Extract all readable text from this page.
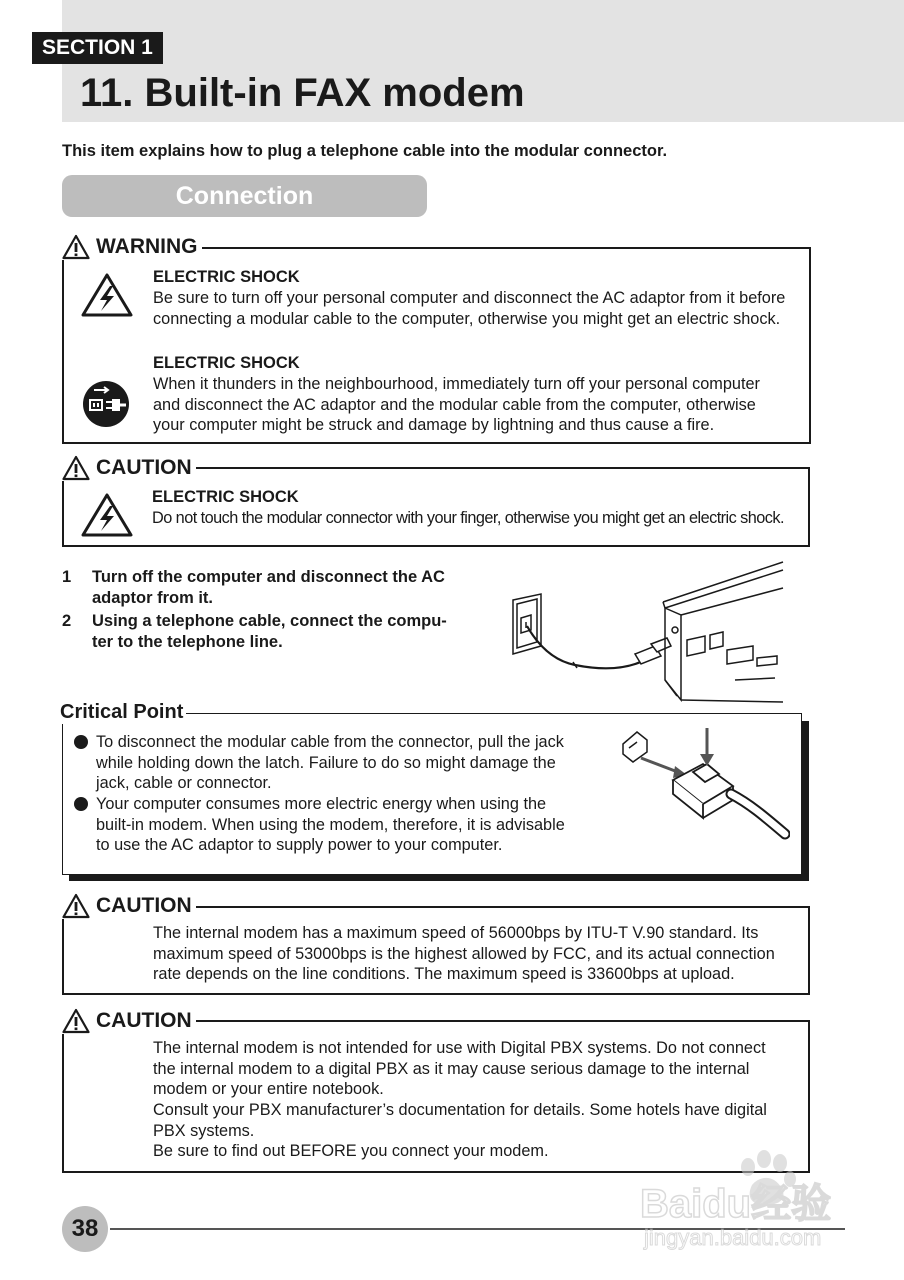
SECTION 1
11. Built-in FAX modem
This item explains how to plug a telephone cable into the modular connector.
Connection
WARNING
ELECTRIC SHOCK
Be sure to turn off your personal computer and disconnect the AC adaptor from it before
connecting a modular cable to the computer, otherwise you might get an electric shock.
ELECTRIC SHOCK
When it thunders in the neighbourhood, immediately turn off your personal computer
and disconnect the AC adaptor and the modular cable from the computer, otherwise
your computer might be struck and damage by lightning and thus cause a fire.
CAUTION
ELECTRIC SHOCK
Do not touch the modular connector with your finger, otherwise you might get an electric shock.
1 Turn off the computer and disconnect the AC
adaptor from it.
2 Using a telephone cable, connect the compu-
ter to the telephone line.
Critical Point
To disconnect the modular cable from the connector, pull the jack
while holding down the latch. Failure to do so might damage the
jack, cable or connector.
Your computer consumes more electric energy when using the
built-in modem. When using the modem, therefore, it is advisable
to use the AC adaptor to supply power to your computer.
CAUTION
The internal modem has a maximum speed of 56000bps by ITU-T V.90 standard. Its
maximum speed of 53000bps is the highest allowed by FCC, and its actual connection
rate depends on the line conditions. The maximum speed is 33600bps at upload.
CAUTION
The internal modem is not intended for use with Digital PBX systems. Do not connect
the internal modem to a digital PBX as it may cause serious damage to the internal
modem or your entire notebook.
Consult your PBX manufacturer’s documentation for details. Some hotels have digital
PBX systems.
Be sure to find out BEFORE you connect your modem.
38
Baidu经验
jingyan.baidu.com
